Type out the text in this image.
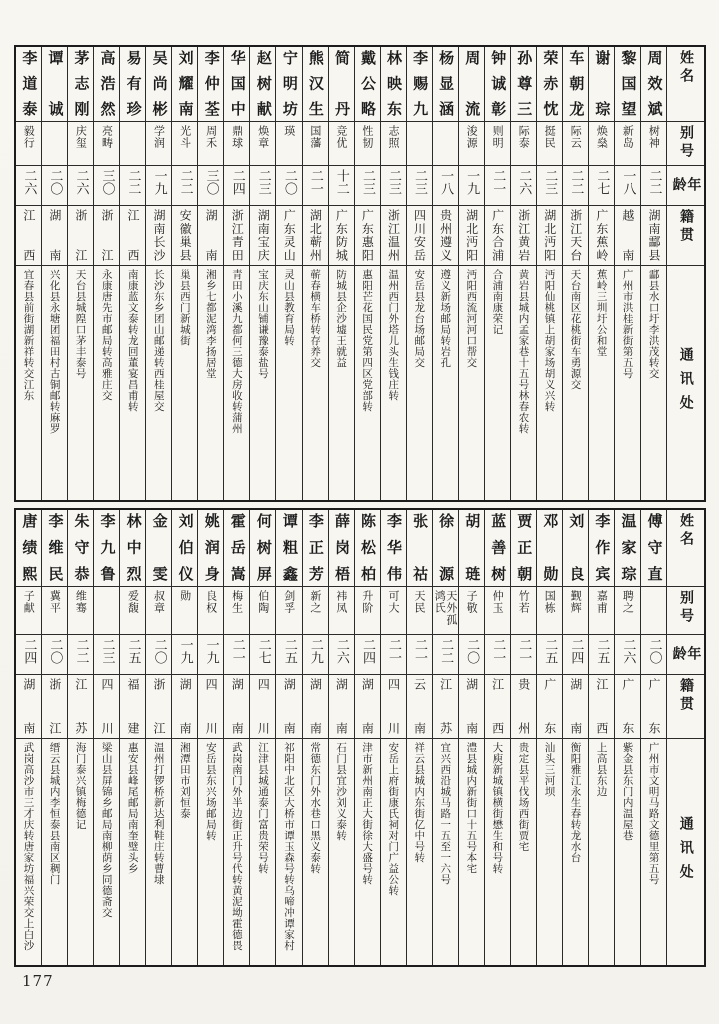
李道泰
毅行
二六
江西
宜春县前街湖新祥转交江东
谭诚
二〇
湖南
兴化县永塘团福田村古铜邮转麻罗
茅志刚
庆玺
二六
浙江
天台县城隍口茅丰泰号
高浩然
亮畴
三〇
浙江
永康唐先市邮局转高雅庄交
易有珍
二二
江西
南康蓝文泰转龙回董宴昌甫转
吴尚彬
学润
一九
湖南长沙
长沙东乡团山邮递转西桂屋交
刘耀南
光斗
二二
安徽巢县
巢县西门新城街
李仲荃
周禾
三〇
湖南
湘乡七都泥湾李扬居堂
华国中
鼎球
二四
浙江青田
青田小溪九都何三德大房收转蒲州
赵树献
焕章
二三
湖南宝庆
宝庆东山铺谦豫泰盐号
宁明坊
瑛
二〇
广东灵山
灵山县教育局转
熊汉生
国藩
二一
湖北蕲州
蕲春横车桥转存养交
简丹
竞优
十二
广东防城
防城县企沙墟王就益
戴公略
性韧
二三
广东惠阳
惠阳芒花国民党第四区党部转
林映东
志照
二三
浙江温州
温州西门外塔儿头生钱庄转
李赐九
二三
四川安岳
安岳县龙台场邮局交
杨显涵
一八
贵州遵义
遵义新场邮局转岩孔
周流
浚源
一九
湖北沔阳
沔阳西流河河口帮交
钟诚彰
则明
二一
广东合浦
合浦南康荣记
孙尊三
际泰
二六
浙江黄岩
黄岩县城内孟家巷十五号林春农转
荣赤忱
挺民
二三
湖北沔阳
沔阳仙桃镇上胡家场胡义兴转
车朝龙
际云
二二
浙江天台
天台南区花桃街车勇源交
谢琮
焕燊
二七
广东蕉岭
蕉岭三圳圩公和堂
黎国望
新岛
一八
越南
广州市洪桂新街第五号
周效斌
树神
二二
湖南酃县
酃县水口圩李洪茂转交
姓名
别号
年龄
籍贯
通讯处
唐绩熙
子献
二四
湖南
武岗高沙市三才庆转唐家坊福兴荣交上白沙
李维民
冀平
二〇
浙江
缙云县城内李恒泰县南区稠门
朱守恭
维骞
二二
江苏
海门泰兴镇梅德记
李九鲁
二三
四川
梁山县屏锦乡邮局南柳荫乡同德斋交
林中烈
爱馥
二五
福建
惠安县峰尾邮局南奎璧头乡
金雯
叔章
二〇
浙江
温州打锣桥新达利鞋庄转曹埭
刘伯仪
勋
一九
湖南
湘潭田市刘恒泰
姚润身
良权
一九
四川
安岳县东兴场邮局转
霍岳嵩
梅生
二一
湖南
武岗南门外半边街正升号代转黄泥坳霍德畏
何树屏
伯陶
二七
四川
江津县城通泰门富贵荣号转
谭粗鑫
剑孚
二五
湖南
祁阳中北区大桥市谭玉森号转乌啼冲谭家村
李正芳
新之
二九
湖南
常德东门外水巷口黑义泰转
薛岗梧
袆凤
二六
湖南
石门县宜沙刘义泰转
陈松柏
升阶
二四
湖南
津市新州南正大街徐大盛号转
李华伟
可大
二一
四川
安岳上府街康氏祠对门广益公转
张祜
天民
二一
云南
祥云县城内东街亿中号转
徐源
天外孤鸿氏
二二
江苏
宜兴西沿城马路一五至一六号
胡琏
子敬
二〇
湖南
澧县城内新街口十五号本宅
蓝善树
仲玉
二一
江西
大庾新城镇横街懋生和号转
贾正朝
竹若
二一
贵州
贵定县平伐场西街贾宅
邓勋
国栋
二五
广东
汕头三河坝
刘良
觐辉
二四
湖南
衡阳雅江永生春转龙水台
李作宾
嘉甫
二五
江西
上高县东边
温家琮
聘之
二六
广东
紫金县东门内温屋巷
傅守直
二〇
广东
广州市文明马路文德里第五号
姓名
别号
年龄
籍贯
通讯处
177
